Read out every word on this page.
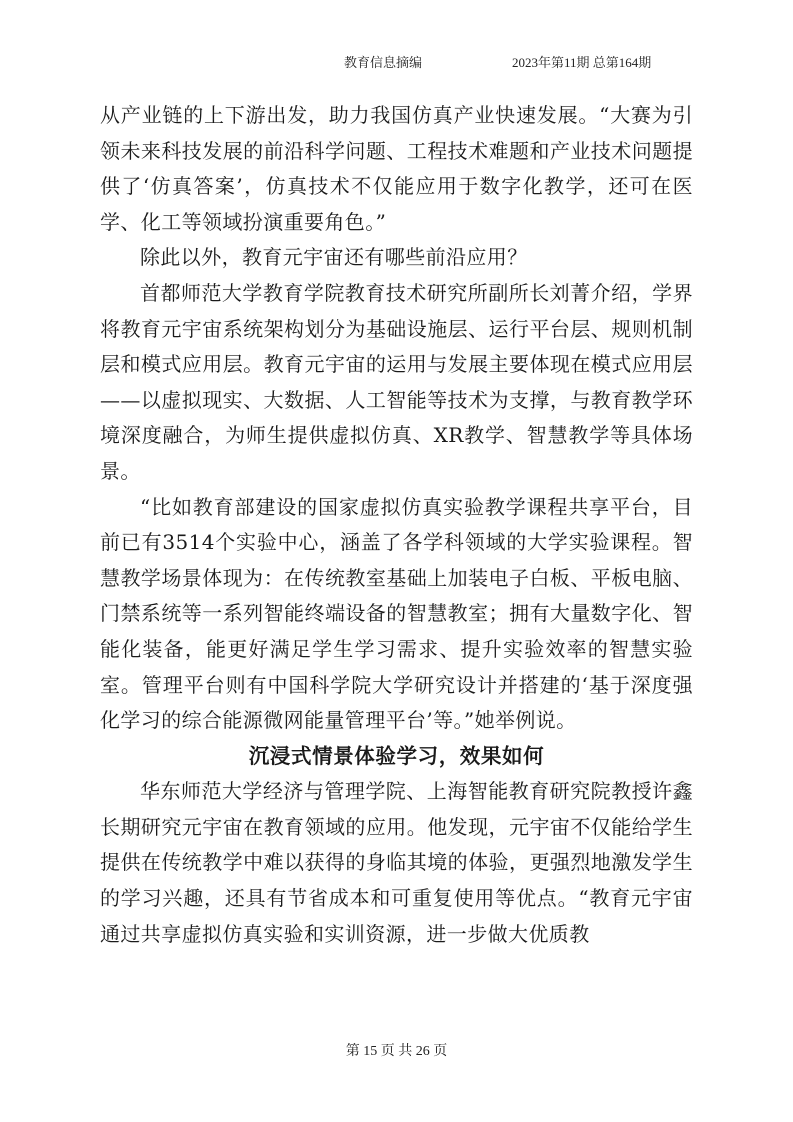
教育信息摘编	2023年第11期 总第164期

从产业链的上下游出发，助力我国仿真产业快速发展。“大赛为引领未来科技发展的前沿科学问题、工程技术难题和产业技术问题提供了‘仿真答案’，仿真技术不仅能应用于数字化教学，还可在医学、化工等领域扮演重要角色。”

除此以外，教育元宇宙还有哪些前沿应用？

首都师范大学教育学院教育技术研究所副所长刘菁介绍，学界将教育元宇宙系统架构划分为基础设施层、运行平台层、规则机制层和模式应用层。教育元宇宙的运用与发展主要体现在模式应用层——以虚拟现实、大数据、人工智能等技术为支撑，与教育教学环境深度融合，为师生提供虚拟仿真、XR教学、智慧教学等具体场景。

“比如教育部建设的国家虚拟仿真实验教学课程共享平台，目前已有3514个实验中心，涵盖了各学科领域的大学实验课程。智慧教学场景体现为：在传统教室基础上加装电子白板、平板电脑、门禁系统等一系列智能终端设备的智慧教室；拥有大量数字化、智能化装备，能更好满足学生学习需求、提升实验效率的智慧实验室。管理平台则有中国科学院大学研究设计并搭建的‘基于深度强化学习的综合能源微网能量管理平台’等。”她举例说。

沉浸式情景体验学习，效果如何

华东师范大学经济与管理学院、上海智能教育研究院教授许鑫长期研究元宇宙在教育领域的应用。他发现，元宇宙不仅能给学生提供在传统教学中难以获得的身临其境的体验，更强烈地激发学生的学习兴趣，还具有节省成本和可重复使用等优点。“教育元宇宙通过共享虚拟仿真实验和实训资源，进一步做大优质教

第 15 页 共 26 页
